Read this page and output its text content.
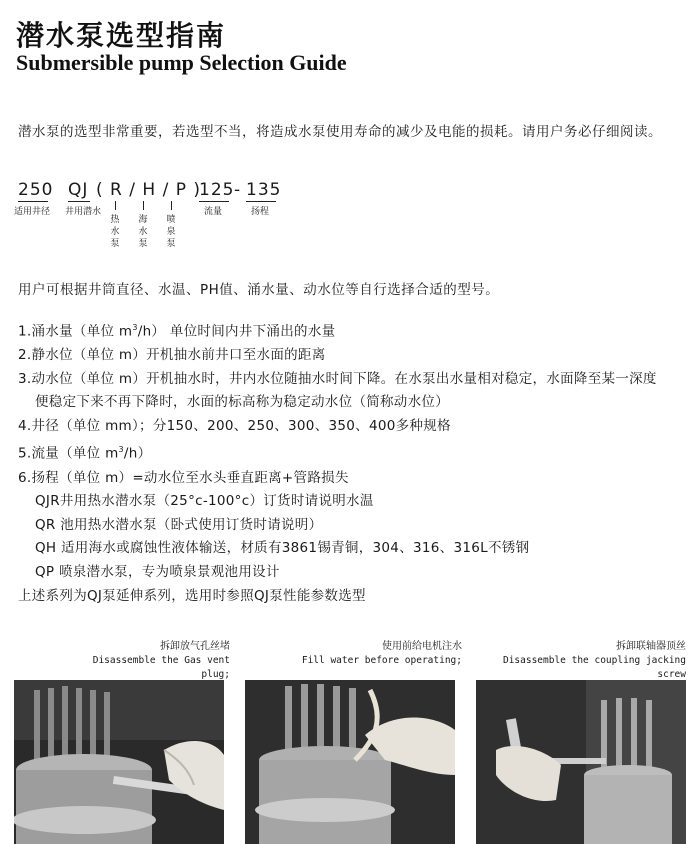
潜水泵选型指南
Submersible pump Selection Guide
潜水泵的选型非常重要，若选型不当，将造成水泵使用寿命的减少及电能的损耗。请用户务必仔细阅读。
250
适用井径
QJ
井用潜水
( R / H / P )
热水泵
海水泵
喷泉泵
125
流量
- 135
扬程
用户可根据井筒直径、水温、PH值、涌水量、动水位等自行选择合适的型号。
1.涌水量（单位 $m^3/h$） 单位时间内井下涌出的水量
2.静水位（单位 m）开机抽水前井口至水面的距离
3.动水位（单位 m）开机抽水时，井内水位随抽水时间下降。在水泵出水量相对稳定，水面降至某一深度
便稳定下来不再下降时，水面的标高称为稳定动水位（简称动水位）
4.井径（单位 mm）；分150、200、250、300、350、400多种规格
5.流量（单位 $m^3/h$）
6.扬程（单位 m）=动水位至水头垂直距离+管路损失
QJR井用热水潜水泵（25°c-100°c）订货时请说明水温
QR 池用热水潜水泵（卧式使用订货时请说明）
QH 适用海水或腐蚀性液体输送，材质有3861锡青铜，304、316、316L不锈钢
QP 喷泉潜水泵，专为喷泉景观池用设计
上述系列为QJ泵延伸系列，选用时参照QJ泵性能参数选型
拆卸放气孔丝堵
Disassemble the Gas vent plug;
使用前给电机注水
Fill water before operating;
拆卸联轴器顶丝
Disassemble the coupling jacking screw
